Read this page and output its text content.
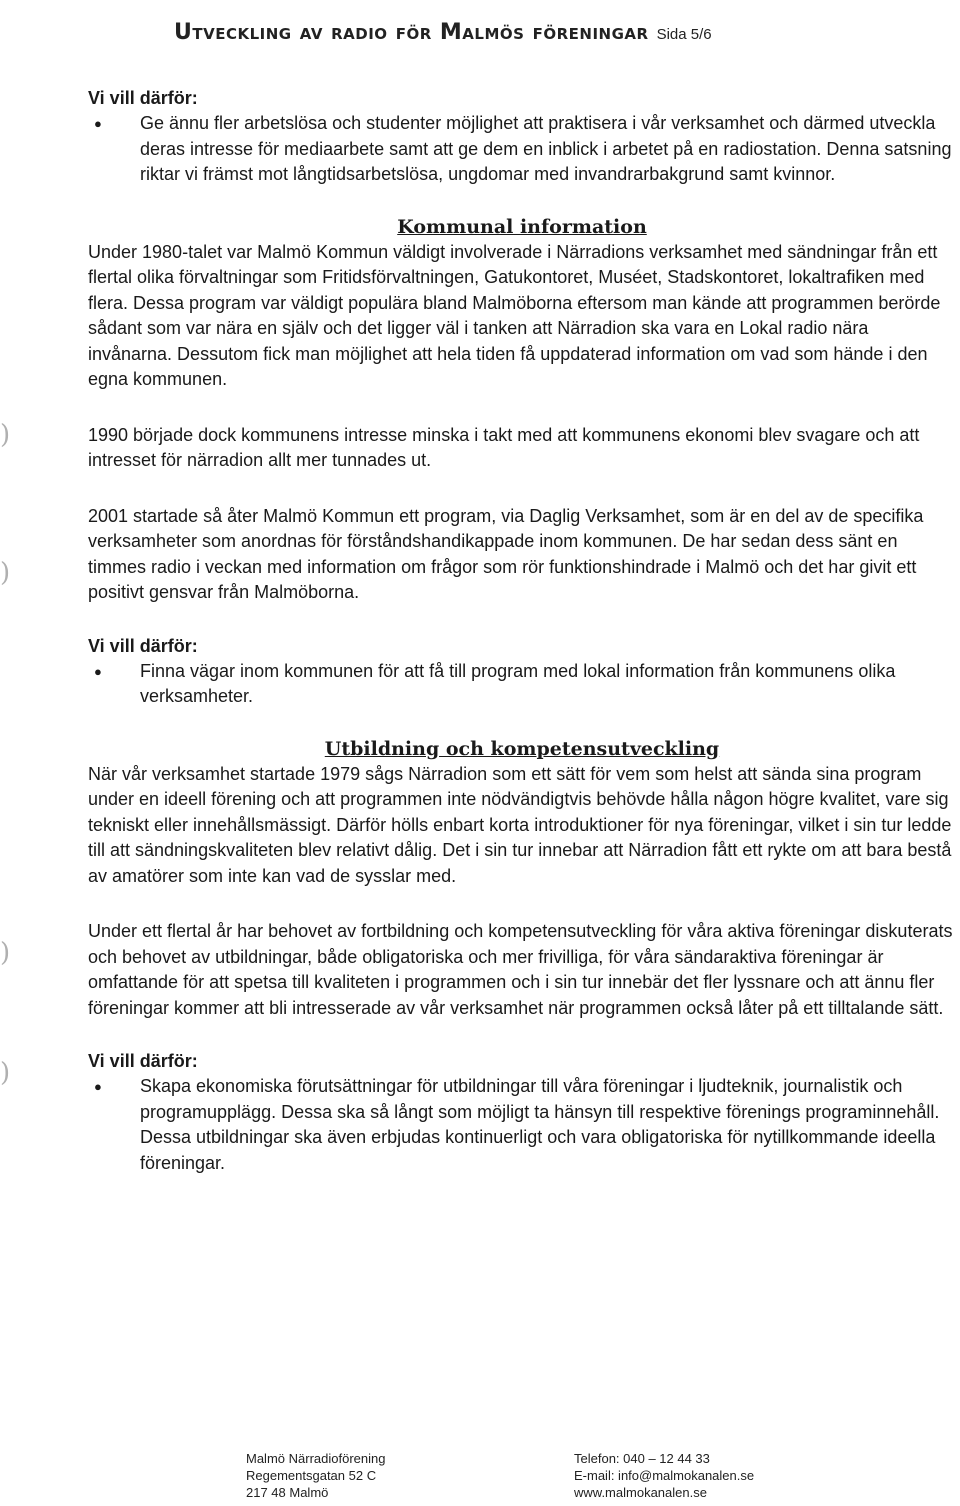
Utveckling av radio för Malmös föreningar Sida 5/6
)
)
)
)

Vi vill därför:

● Ge ännu fler arbetslösa och studenter möjlighet att praktisera i vår verksamhet och därmed utveckla deras intresse för mediaarbete samt att ge dem en inblick i arbetet på en radiostation. Denna satsning riktar vi främst mot långtidsarbetslösa, ungdomar med invandrarbakgrund samt kvinnor.
Kommunal information

Under 1980-talet var Malmö Kommun väldigt involverade i Närradions verksamhet med sändningar från ett flertal olika förvaltningar som Fritidsförvaltningen, Gatukontoret, Muséet, Stadskontoret, lokaltrafiken med flera. Dessa program var väldigt populära bland Malmöborna eftersom man kände att programmen berörde sådant som var nära en själv och det ligger väl i tanken att Närradion ska vara en Lokal radio nära invånarna. Dessutom fick man möjlighet att hela tiden få uppdaterad information om vad som hände i den egna kommunen.

1990 började dock kommunens intresse minska i takt med att kommunens ekonomi blev svagare och att intresset för närradion allt mer tunnades ut.

2001 startade så åter Malmö Kommun ett program, via Daglig Verksamhet, som är en del av de specifika verksamheter som anordnas för förståndshandikappade inom kommunen. De har sedan dess sänt en timmes radio i veckan med information om frågor som rör funktionshindrade i Malmö och det har givit ett positivt gensvar från Malmöborna.

Vi vill därför:

● Finna vägar inom kommunen för att få till program med lokal information från kommunens olika verksamheter.
Utbildning och kompetensutveckling

När vår verksamhet startade 1979 sågs Närradion som ett sätt för vem som helst att sända sina program under en ideell förening och att programmen inte nödvändigtvis behövde hålla någon högre kvalitet, vare sig tekniskt eller innehållsmässigt. Därför hölls enbart korta introduktioner för nya föreningar, vilket i sin tur ledde till att sändningskvaliteten blev relativt dålig. Det i sin tur innebar att Närradion fått ett rykte om att bara bestå av amatörer som inte kan vad de sysslar med.

Under ett flertal år har behovet av fortbildning och kompetensutveckling för våra aktiva föreningar diskuterats och behovet av utbildningar, både obligatoriska och mer frivilliga, för våra sändaraktiva föreningar är omfattande för att spetsa till kvaliteten i programmen och i sin tur innebär det fler lyssnare och att ännu fler föreningar kommer att bli intresserade av vår verksamhet när programmen också låter på ett tilltalande sätt.

Vi vill därför:

● Skapa ekonomiska förutsättningar för utbildningar till våra föreningar i ljudteknik, journalistik och programupplägg. Dessa ska så långt som möjligt ta hänsyn till respektive förenings programinnehåll. Dessa utbildningar ska även erbjudas kontinuerligt och vara obligatoriska för nytillkommande ideella föreningar.
Malmö Närradioförening
Regementsgatan 52 C
217 48 Malmö
Telefon: 040 – 12 44 33
E-mail: info@malmokanalen.se
www.malmokanalen.se
